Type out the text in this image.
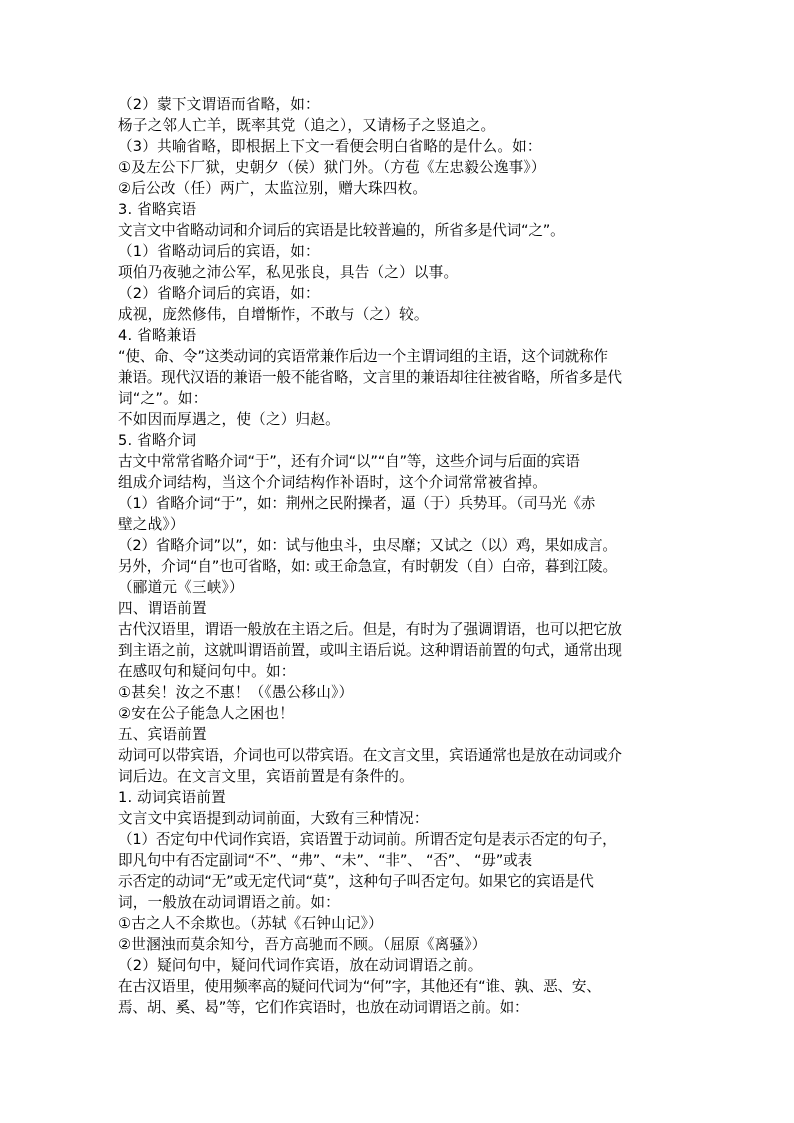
（2）蒙下文谓语而省略，如：
杨子之邻人亡羊，既率其党（追之），又请杨子之竖追之。
（3）共喻省略，即根据上下文一看便会明白省略的是什么。如：
①及左公下厂狱，史朝夕（侯）狱门外。（方苞《左忠毅公逸事》）
②后公改（任）两广，太监泣别，赠大珠四枚。
3. 省略宾语
文言文中省略动词和介词后的宾语是比较普遍的，所省多是代词“之”。
（1）省略动词后的宾语，如：
项伯乃夜驰之沛公军，私见张良，具告（之）以事。
（2）省略介词后的宾语，如：
成视，庞然修伟，自增惭怍，不敢与（之）较。
4. 省略兼语
“使、命、令”这类动词的宾语常兼作后边一个主谓词组的主语，这个词就称作
兼语。现代汉语的兼语一般不能省略，文言里的兼语却往往被省略，所省多是代
词“之”。如：
不如因而厚遇之，使（之）归赵。
5. 省略介词
古文中常常省略介词“于”，还有介词“以”“自”等，这些介词与后面的宾语
组成介词结构，当这个介词结构作补语时，这个介词常常被省掉。
（1）省略介词“于”，如：荆州之民附操者，逼（于）兵势耳。（司马光《赤
壁之战》）
（2）省略介词”以”，如：试与他虫斗，虫尽靡；又试之（以）鸡，果如成言。
另外，介词“自”也可省略，如: 或王命急宣，有时朝发（自）白帝，暮到江陵。
（郦道元《三峡》）
四、谓语前置
古代汉语里，谓语一般放在主语之后。但是，有时为了强调谓语，也可以把它放
到主语之前，这就叫谓语前置，或叫主语后说。这种谓语前置的句式，通常出现
在感叹句和疑问句中。如：
①甚矣！汝之不惠！（《愚公移山》）
②安在公子能急人之困也！
五、宾语前置
动词可以带宾语，介词也可以带宾语。在文言文里，宾语通常也是放在动词或介
词后边。在文言文里，宾语前置是有条件的。
1. 动词宾语前置
文言文中宾语提到动词前面，大致有三种情况：
（1）否定句中代词作宾语，宾语置于动词前。所谓否定句是表示否定的句子，
即凡句中有否定副词“不”、“弗”、“未”、“非”、 “否”、 “毋”或表
示否定的动词“无”或无定代词“莫”，这种句子叫否定句。如果它的宾语是代
词，一般放在动词谓语之前。如：
①古之人不余欺也。（苏轼《石钟山记》）
②世溷浊而莫余知兮，吾方高驰而不顾。（屈原《离骚》）
（2）疑问句中，疑问代词作宾语，放在动词谓语之前。
在古汉语里，使用频率高的疑问代词为“何”字，其他还有“谁、孰、恶、安、
焉、胡、奚、曷”等，它们作宾语时，也放在动词谓语之前。如：
